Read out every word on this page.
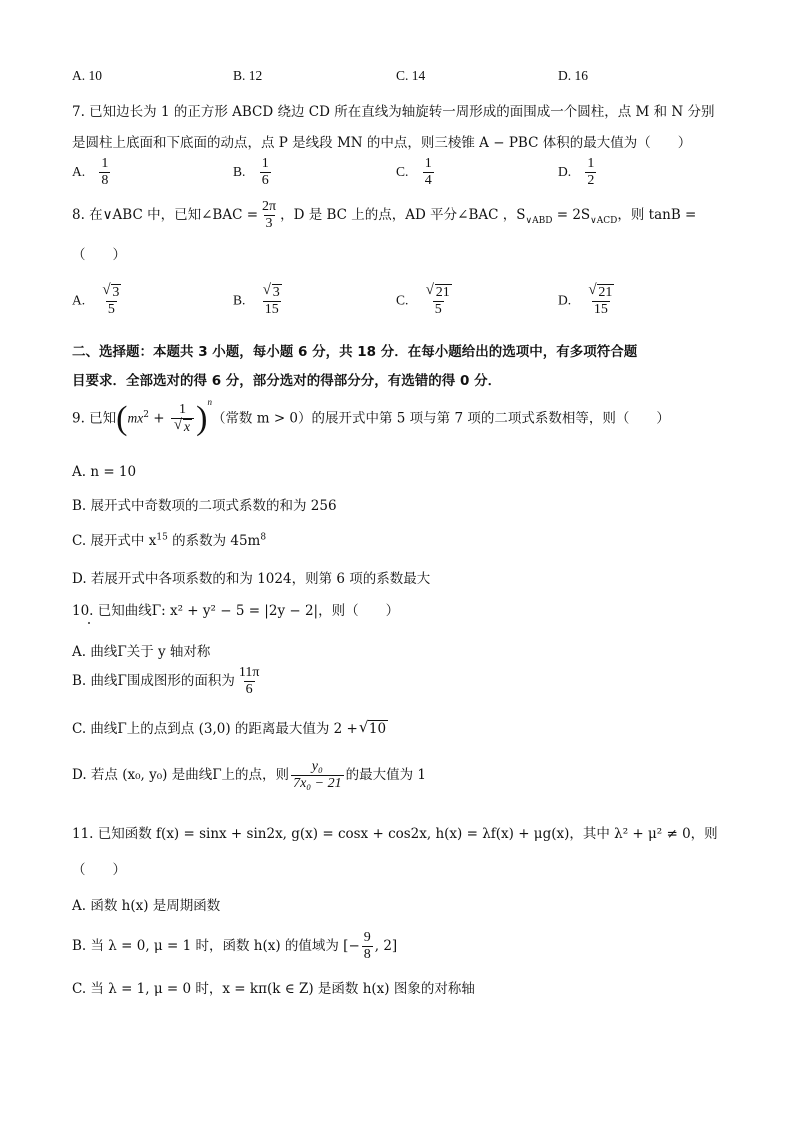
A. 10	B. 12	C. 14	D. 16
7. 已知边长为 1 的正方形 ABCD 绕边 CD 所在直线为轴旋转一周形成的面围成一个圆柱，点 M 和 N 分别
是圆柱上底面和下底面的动点，点 P 是线段 MN 的中点，则三棱锥 A − PBC 体积的最大值为（　　）
A. $\frac{1}{8}$	B. $\frac{1}{6}$	C. $\frac{1}{4}$	D. $\frac{1}{2}$
8. 在∨ABC 中，已知∠BAC = $\frac{2\pi}{3}$ ，D 是 BC 上的点，AD 平分∠BAC ，$S_{\vee ABD} = 2S_{\vee ACD}$，则 tanB =
（　　）
A. √ $\frac{3}{5}$	B. √ $\frac{3}{15}$	C. √ $\frac{21}{5}$	D. √ $\frac{21}{15}$
二、选择题：本题共 3 小题，每小题 6 分，共 18 分．在每小题给出的选项中，有多项符合题
目要求．全部选对的得 6 分，部分选对的得部分分，有选错的得 0 分．
9. 已知($mx^2 + 1$
√ x )$^n$（常数 m > 0）的展开式中第 5 项与第 7 项的二项式系数相等，则（　　）
A. n = 10
B. 展开式中奇数项的二项式系数的和为 256
C. 展开式中 $x^{15}$ 的系数为 $45m^8$
D. 若展开式中各项系数的和为 1024，则第 6 项的系数最大
10. 已知曲线Γ: x² + y² − 5 = |2y − 2|，则（　　）
A. 曲线Γ关于 y 轴对称
B. 曲线Γ围成图形的面积为 $\frac{11\pi}{6}$
C. 曲线Γ上的点到点 (3,0) 的距离最大值为 2 + √ 10
D. 若点 (x₀, y₀) 是曲线Γ上的点，则 $\frac{\text{y₀}}{\text{7x₀ − 21}}$ 的最大值为 1
11. 已知函数 f(x) = sinx + sin2x, g(x) = cosx + cos2x, h(x) = λf(x) + μg(x)，其中 λ² + μ² ≠ 0，则
（　　）
A. 函数 h(x) 是周期函数
B. 当 λ = 0, μ = 1 时，函数 h(x) 的值域为 [− $\frac{9}{8}$ , 2]
C. 当 λ = 1, μ = 0 时，x = kπ(k ∈ Z) 是函数 h(x) 图象的对称轴
